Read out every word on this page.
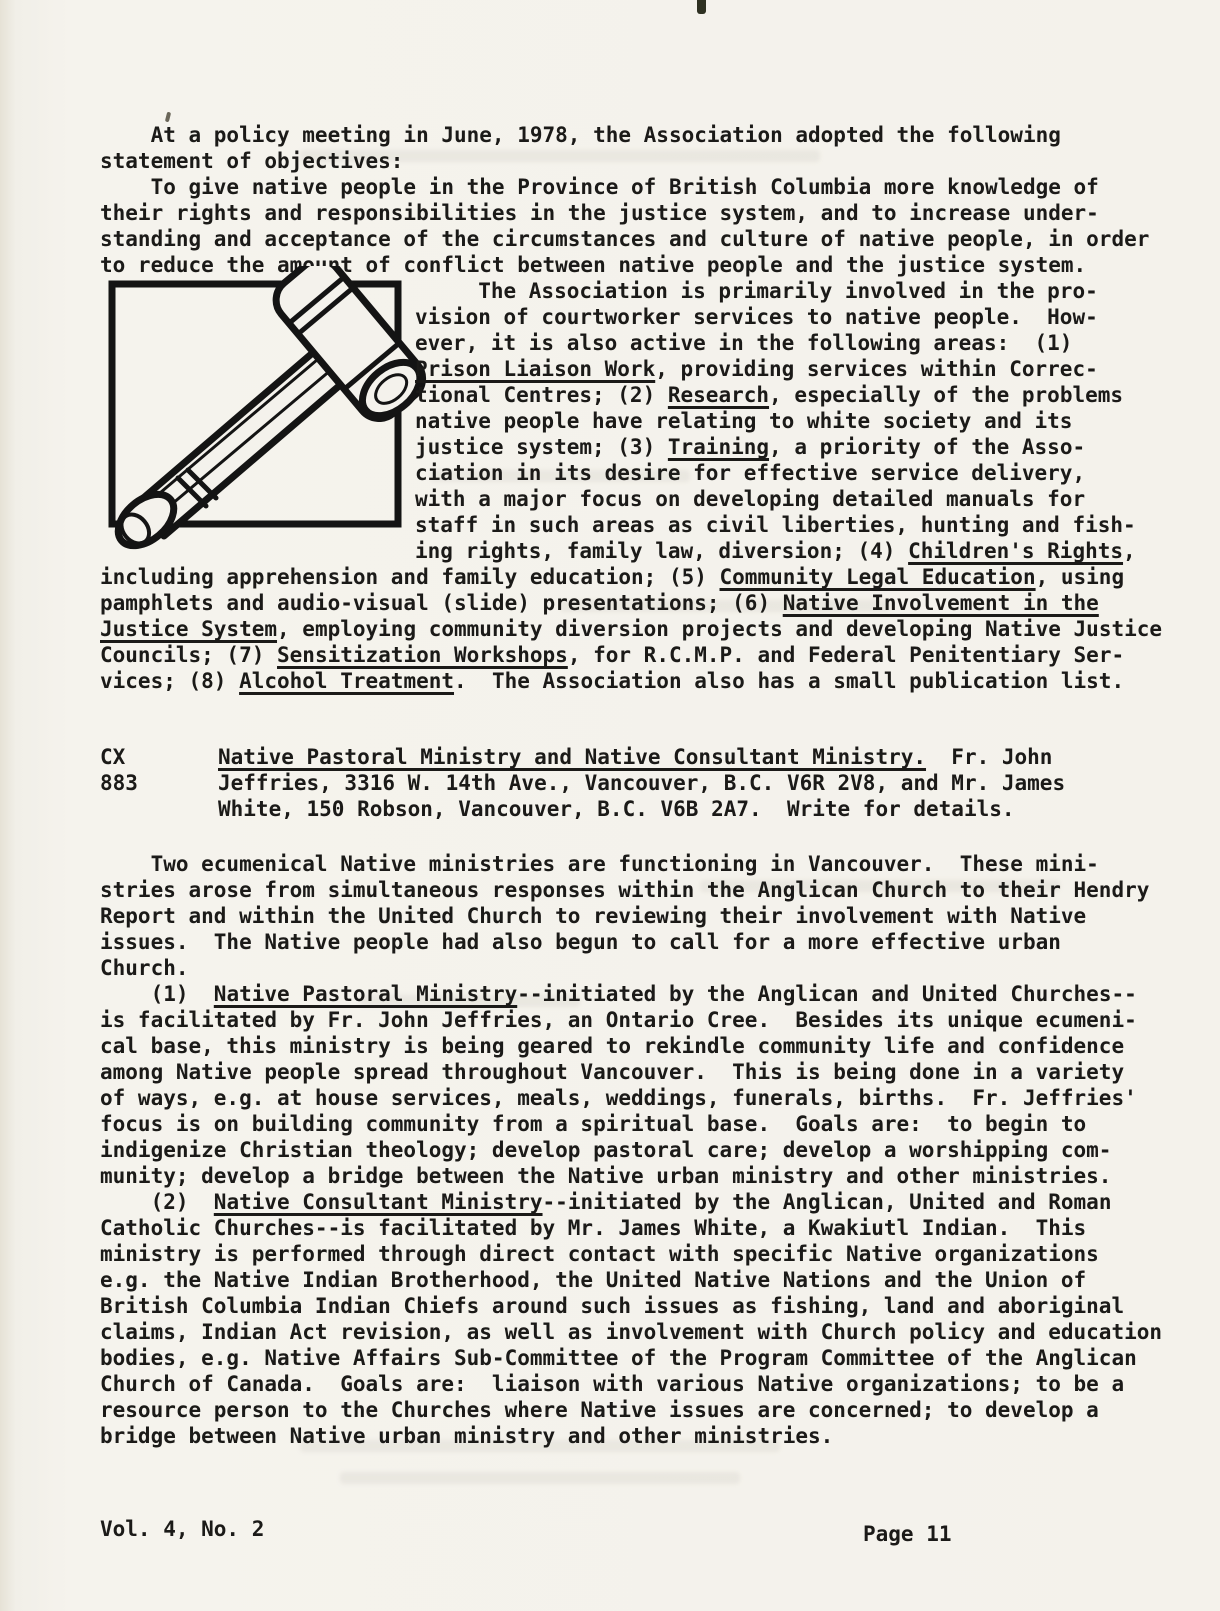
At a policy meeting in June, 1978, the Association adopted the following
statement of objectives:
To give native people in the Province of British Columbia more knowledge of
their rights and responsibilities in the justice system, and to increase under-
standing and acceptance of the circumstances and culture of native people, in order
to reduce the amount of conflict between native people and the justice system.
The Association is primarily involved in the pro-
vision of courtworker services to native people.  How-
ever, it is also active in the following areas:  (1)
Prison Liaison Work, providing services within Correc-
tional Centres; (2) Research, especially of the problems
native people have relating to white society and its
justice system; (3) Training, a priority of the Asso-
ciation in its desire for effective service delivery,
with a major focus on developing detailed manuals for
staff in such areas as civil liberties, hunting and fish-
ing rights, family law, diversion; (4) Children's Rights,
including apprehension and family education; (5) Community Legal Education, using
pamphlets and audio-visual (slide) presentations; (6) Native Involvement in the
Justice System, employing community diversion projects and developing Native Justice
Councils; (7) Sensitization Workshops, for R.C.M.P. and Federal Penitentiary Ser-
vices; (8) Alcohol Treatment.  The Association also has a small publication list.
CX
883
Native Pastoral Ministry and Native Consultant Ministry.  Fr. John
Jeffries, 3316 W. 14th Ave., Vancouver, B.C. V6R 2V8, and Mr. James
White, 150 Robson, Vancouver, B.C. V6B 2A7.  Write for details.
Two ecumenical Native ministries are functioning in Vancouver.  These mini-
stries arose from simultaneous responses within the Anglican Church to their Hendry
Report and within the United Church to reviewing their involvement with Native
issues.  The Native people had also begun to call for a more effective urban
Church.
(1)  Native Pastoral Ministry--initiated by the Anglican and United Churches--
is facilitated by Fr. John Jeffries, an Ontario Cree.  Besides its unique ecumeni-
cal base, this ministry is being geared to rekindle community life and confidence
among Native people spread throughout Vancouver.  This is being done in a variety
of ways, e.g. at house services, meals, weddings, funerals, births.  Fr. Jeffries'
focus is on building community from a spiritual base.  Goals are:  to begin to
indigenize Christian theology; develop pastoral care; develop a worshipping com-
munity; develop a bridge between the Native urban ministry and other ministries.
(2)  Native Consultant Ministry--initiated by the Anglican, United and Roman
Catholic Churches--is facilitated by Mr. James White, a Kwakiutl Indian.  This
ministry is performed through direct contact with specific Native organizations
e.g. the Native Indian Brotherhood, the United Native Nations and the Union of
British Columbia Indian Chiefs around such issues as fishing, land and aboriginal
claims, Indian Act revision, as well as involvement with Church policy and education
bodies, e.g. Native Affairs Sub-Committee of the Program Committee of the Anglican
Church of Canada.  Goals are:  liaison with various Native organizations; to be a
resource person to the Churches where Native issues are concerned; to develop a
bridge between Native urban ministry and other ministries.
Vol. 4, No. 2	Page 11
